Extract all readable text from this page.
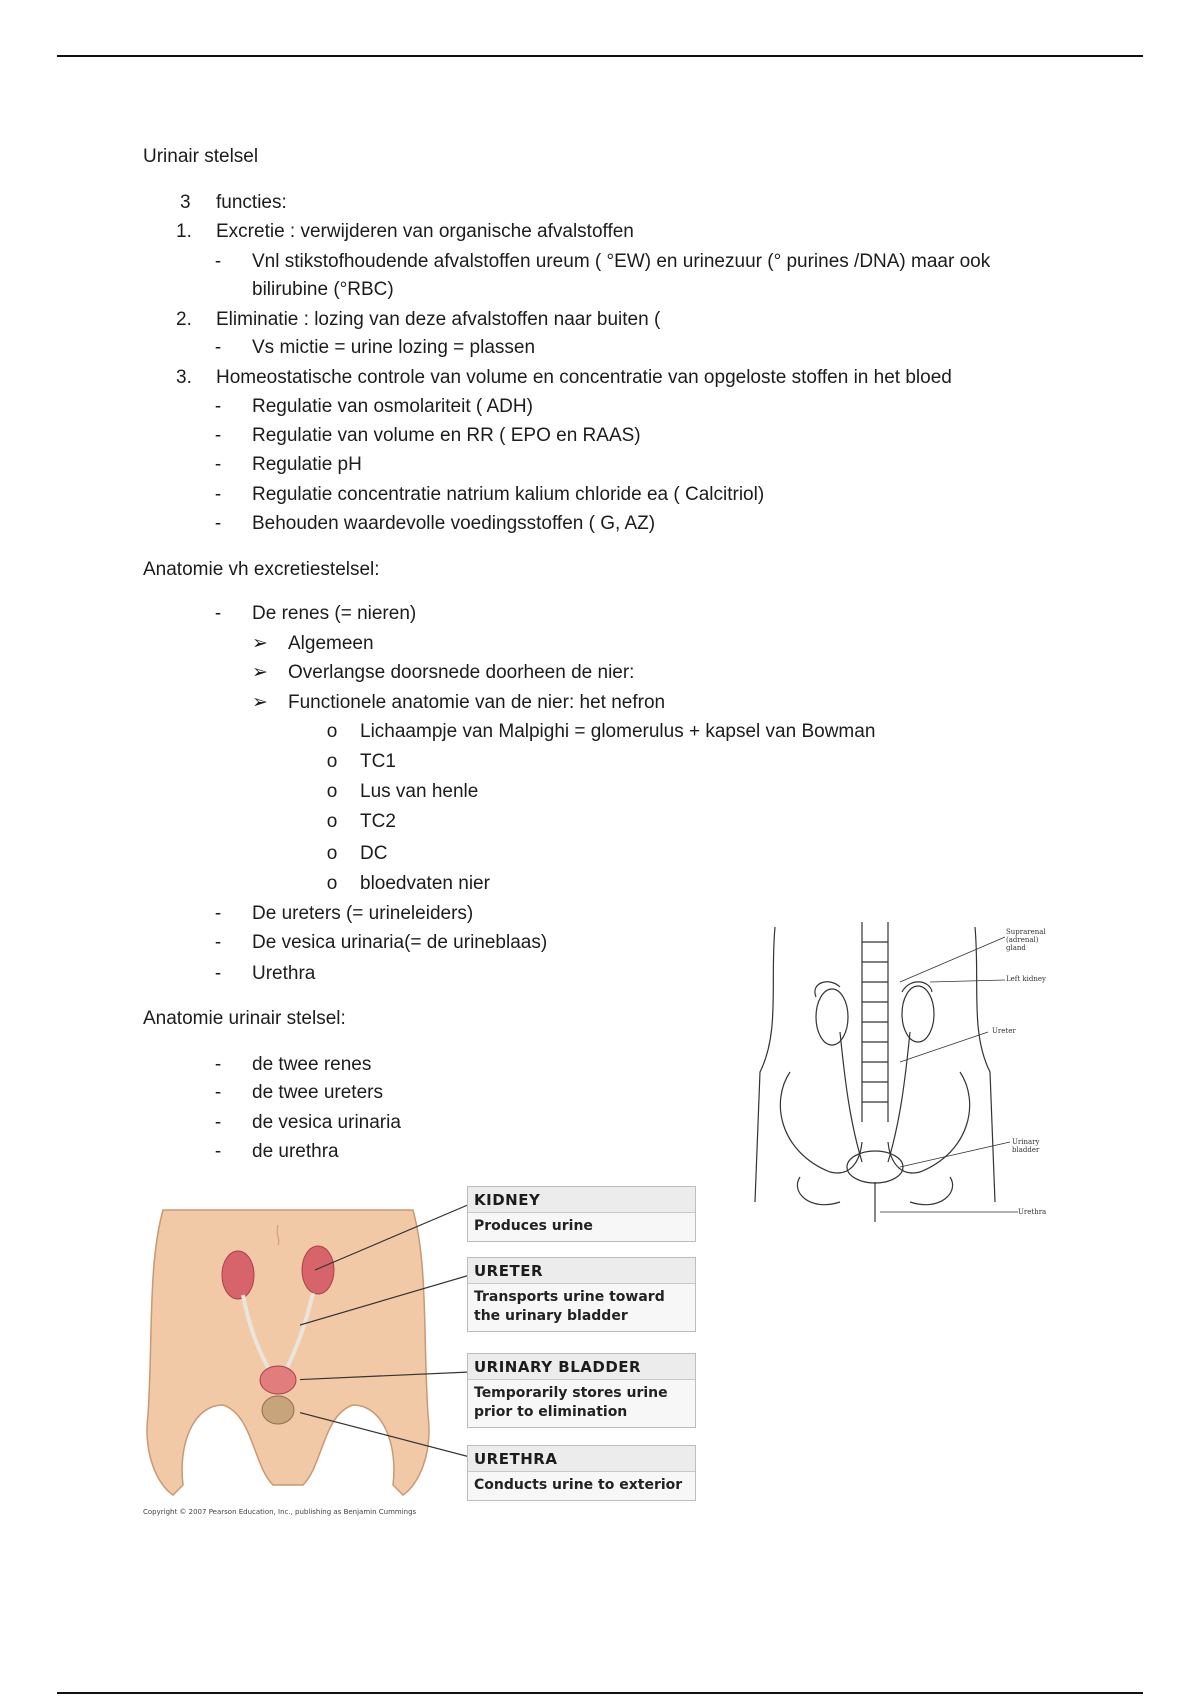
Urinair stelsel
3 functies:
1. Excretie : verwijderen van organische afvalstoffen
-	Vnl stikstofhoudende afvalstoffen ureum ( °EW) en urinezuur (° purines /DNA) maar ook
bilirubine (°RBC)
2. Eliminatie : lozing van deze afvalstoffen naar buiten (
-	Vs mictie = urine lozing = plassen
3. Homeostatische controle van volume en concentratie van opgeloste stoffen in het bloed
-	Regulatie van osmolariteit ( ADH)
-	Regulatie van volume en RR ( EPO en RAAS)
-	Regulatie pH
-	Regulatie concentratie natrium kalium chloride ea ( Calcitriol)
-	Behouden waardevolle voedingsstoffen ( G, AZ)
Anatomie vh excretiestelsel:
-	De renes (= nieren)
➢ Algemeen
➢ Overlangse doorsnede doorheen de nier:
➢ Functionele anatomie van de nier: het nefron
o	Lichaampje van Malpighi = glomerulus + kapsel van Bowman
o	TC1
o	Lus van henle
o	TC2
o	DC
o	bloedvaten nier
-	De ureters (= urineleiders)
-	De vesica urinaria(= de urineblaas)
-	Urethra
Anatomie urinair stelsel:
-	de twee renes
-	de twee ureters
-	de vesica urinaria
-	de urethra
Suprarenal (adrenal) gland
Left kidney
Ureter
Urinary bladder
Urethra
KIDNEY
Produces urine
URETER
Transports urine toward the urinary bladder
URINARY BLADDER
Temporarily stores urine prior to elimination
URETHRA
Conducts urine to exterior
Copyright © 2007 Pearson Education, Inc., publishing as Benjamin Cummings
